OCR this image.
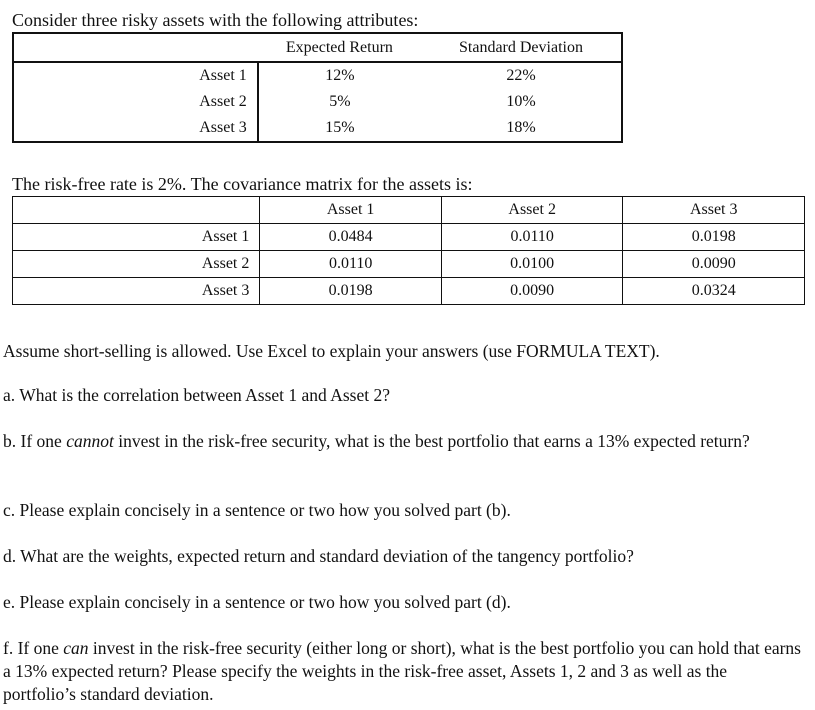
Consider three risky assets with the following attributes:
	Expected Return	Standard Deviation
Asset 1	12%	22%
Asset 2	5%	10%
Asset 3	15%	18%
The risk-free rate is 2%. The covariance matrix for the assets is:
	Asset 1	Asset 2	Asset 3
Asset 1	0.0484	0.0110	0.0198
Asset 2	0.0110	0.0100	0.0090
Asset 3	0.0198	0.0090	0.0324
Assume short-selling is allowed. Use Excel to explain your answers (use FORMULA TEXT).
a. What is the correlation between Asset 1 and Asset 2?
b. If one cannot invest in the risk-free security, what is the best portfolio that earns a 13% expected return?
c. Please explain concisely in a sentence or two how you solved part (b).
d. What are the weights, expected return and standard deviation of the tangency portfolio?
e. Please explain concisely in a sentence or two how you solved part (d).
f. If one can invest in the risk-free security (either long or short), what is the best portfolio you can hold that earns a 13% expected return? Please specify the weights in the risk-free asset, Assets 1, 2 and 3 as well as the portfolio’s standard deviation.
